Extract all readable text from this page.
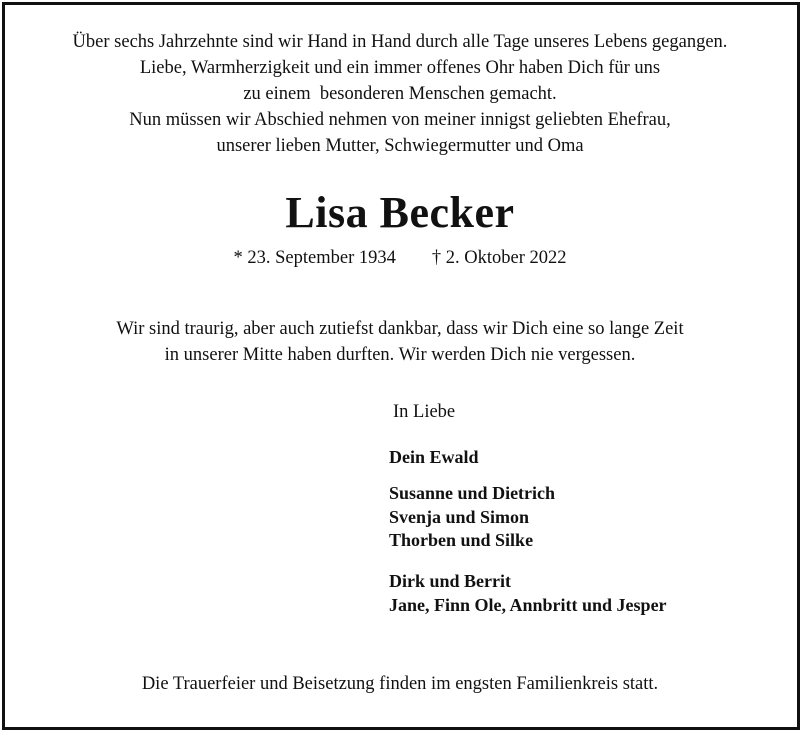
Über sechs Jahrzehnte sind wir Hand in Hand durch alle Tage unseres Lebens gegangen.
Liebe, Warmherzigkeit und ein immer offenes Ohr haben Dich für uns
zu einem  besonderen Menschen gemacht.
Nun müssen wir Abschied nehmen von meiner innigst geliebten Ehefrau,
unserer lieben Mutter, Schwiegermutter und Oma
Lisa Becker
* 23. September 1934 † 2. Oktober 2022
Wir sind traurig, aber auch zutiefst dankbar, dass wir Dich eine so lange Zeit
in unserer Mitte haben durften. Wir werden Dich nie vergessen.
In Liebe
Dein Ewald
Susanne und Dietrich
Svenja und Simon
Thorben und Silke
Dirk und Berrit
Jane, Finn Ole, Annbritt und Jesper
Die Trauerfeier und Beisetzung finden im engsten Familienkreis statt.
